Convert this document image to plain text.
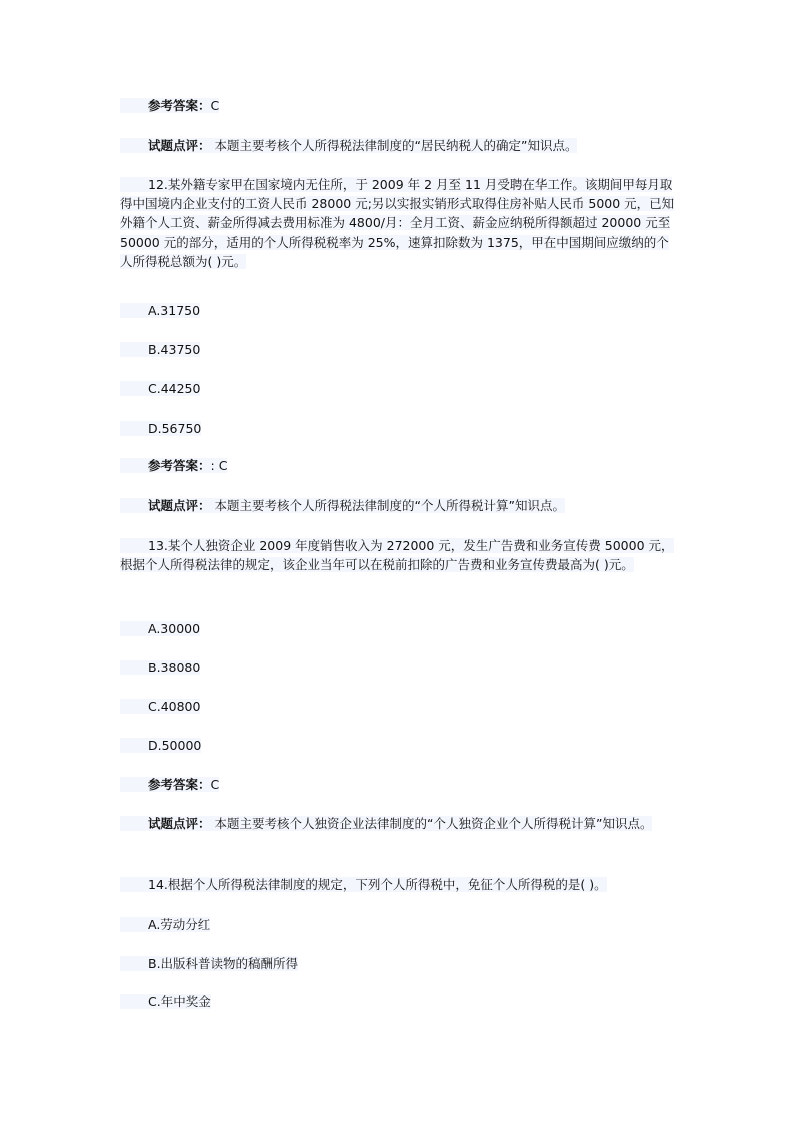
参考答案：C
试题点评： 本题主要考核个人所得税法律制度的“居民纳税人的确定”知识点。
12.某外籍专家甲在国家境内无住所，于 2009 年 2 月至 11 月受聘在华工作。该期间甲每月取得中国境内企业支付的工资人民币 28000 元;另以实报实销形式取得住房补贴人民币 5000 元，已知外籍个人工资、薪金所得减去费用标准为 4800/月：全月工资、薪金应纳税所得额超过 20000 元至 50000 元的部分，适用的个人所得税税率为 25%，速算扣除数为 1375，甲在中国期间应缴纳的个人所得税总额为( )元。
A.31750
B.43750
C.44250
D.56750
参考答案：: C
试题点评： 本题主要考核个人所得税法律制度的“个人所得税计算”知识点。
13.某个人独资企业 2009 年度销售收入为 272000 元，发生广告费和业务宣传费 50000 元，根据个人所得税法律的规定，该企业当年可以在税前扣除的广告费和业务宣传费最高为( )元。
A.30000
B.38080
C.40800
D.50000
参考答案：C
试题点评： 本题主要考核个人独资企业法律制度的“个人独资企业个人所得税计算”知识点。
14.根据个人所得税法律制度的规定，下列个人所得税中，免征个人所得税的是( )。
A.劳动分红
B.出版科普读物的稿酬所得
C.年中奖金
